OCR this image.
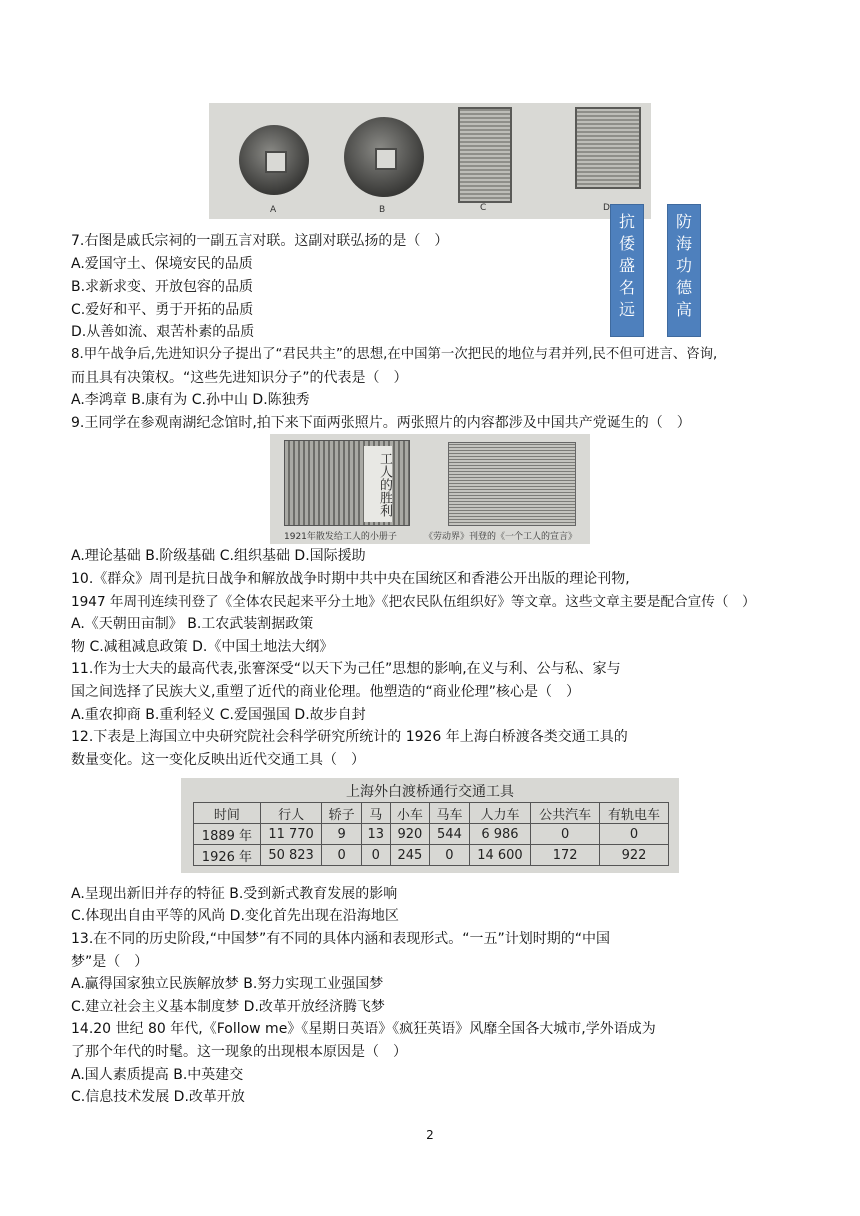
A	B	C	D
抗
倭
盛
名
远
防
海
功
德
高
7.右图是戚氏宗祠的一副五言对联。这副对联弘扬的是（　）
A.爱国守土、保境安民的品质
B.求新求变、开放包容的品质
C.爱好和平、勇于开拓的品质
D.从善如流、艰苦朴素的品质
8.甲午战争后,先进知识分子提出了“君民共主”的思想,在中国第一次把民的地位与君并列,民不但可进言、咨询,
而且具有决策权。“这些先进知识分子”的代表是（　）
A.李鸿章 B.康有为 C.孙中山 D.陈独秀
9.王同学在参观南湖纪念馆时,拍下来下面两张照片。两张照片的内容都涉及中国共产党诞生的（　）
工人的胜利
1921年散发给工人的小册子	《劳动界》刊登的《一个工人的宣言》
A.理论基础 B.阶级基础 C.组织基础 D.国际援助
10.《群众》周刊是抗日战争和解放战争时期中共中央在国统区和香港公开出版的理论刊物,
1947 年周刊连续刊登了《全体农民起来平分土地》《把农民队伍组织好》等文章。这些文章主要是配合宣传（　）
A.《天朝田亩制》 B.工农武装割据政策
物 C.减租减息政策 D.《中国土地法大纲》
11.作为士大夫的最高代表,张謇深受“以天下为己任”思想的影响,在义与利、公与私、家与
国之间选择了民族大义,重塑了近代的商业伦理。他塑造的“商业伦理”核心是（　）
A.重农抑商 B.重利轻义 C.爱国强国 D.故步自封
12.下表是上海国立中央研究院社会科学研究所统计的 1926 年上海白桥渡各类交通工具的
数量变化。这一变化反映出近代交通工具（　）
上海外白渡桥通行交通工具
时间	行人	轿子	马	小车	马车	人力车	公共汽车	有轨电车
1889 年	11 770	9	13	920	544	6 986	0	0
1926 年	50 823	0	0	245	0	14 600	172	922
A.呈现出新旧并存的特征 B.受到新式教育发展的影响
C.体现出自由平等的风尚 D.变化首先出现在沿海地区
13.在不同的历史阶段,“中国梦”有不同的具体内涵和表现形式。“一五”计划时期的“中国
梦”是（　）
A.赢得国家独立民族解放梦 B.努力实现工业强国梦
C.建立社会主义基本制度梦 D.改革开放经济腾飞梦
14.20 世纪 80 年代,《Follow me》《星期日英语》《疯狂英语》风靡全国各大城市,学外语成为
了那个年代的时髦。这一现象的出现根本原因是（　）
A.国人素质提高 B.中英建交
C.信息技术发展 D.改革开放
2
